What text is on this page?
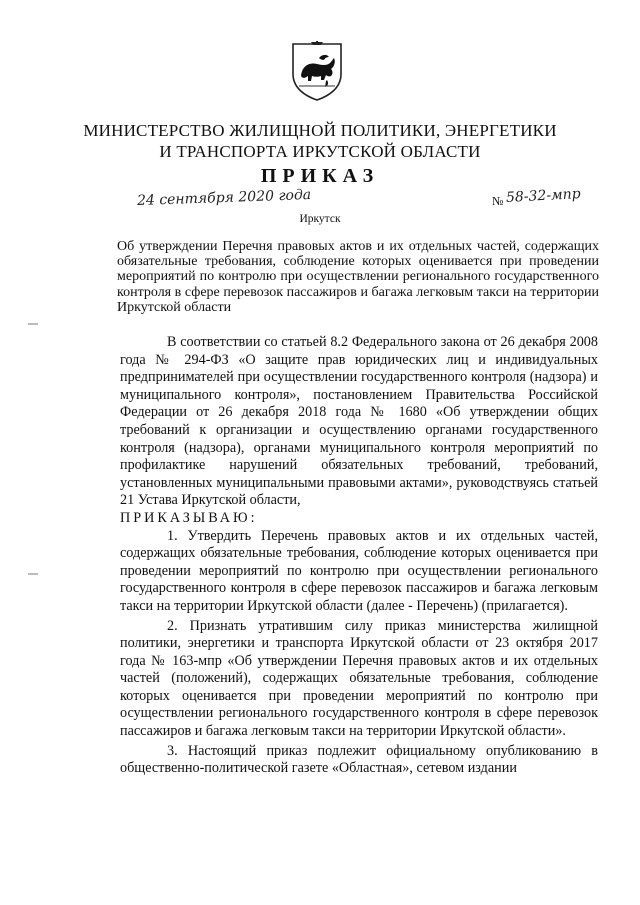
МИНИСТЕРСТВО ЖИЛИЩНОЙ ПОЛИТИКИ, ЭНЕРГЕТИКИ
И ТРАНСПОРТА ИРКУТСКОЙ ОБЛАСТИ
ПРИКАЗ
24 сентября 2020 года	№ 58-32-мпр
Иркутск
Об утверждении Перечня правовых актов и их отдельных частей, содержащих обязательные требования, соблюдение которых оценивается при проведении мероприятий по контролю при осуществлении регионального государственного контроля в сфере перевозок пассажиров и багажа легковым такси на территории Иркутской области

В соответствии со статьей 8.2 Федерального закона от 26 декабря 2008 года № 294-ФЗ «О защите прав юридических лиц и индивидуальных предпринимателей при осуществлении государственного контроля (надзора) и муниципального контроля», постановлением Правительства Российской Федерации от 26 декабря 2018 года № 1680 «Об утверждении общих требований к организации и осуществлению органами государственного контроля (надзора), органами муниципального контроля мероприятий по профилактике нарушений обязательных требований, требований, установленных муниципальными правовыми актами», руководствуясь статьей 21 Устава Иркутской области,

ПРИКАЗЫВАЮ:

1. Утвердить Перечень правовых актов и их отдельных частей, содержащих обязательные требования, соблюдение которых оценивается при проведении мероприятий по контролю при осуществлении регионального государственного контроля в сфере перевозок пассажиров и багажа легковым такси на территории Иркутской области (далее - Перечень) (прилагается).

2. Признать утратившим силу приказ министерства жилищной политики, энергетики и транспорта Иркутской области от 23 октября 2017 года № 163-мпр «Об утверждении Перечня правовых актов и их отдельных частей (положений), содержащих обязательные требования, соблюдение которых оценивается при проведении мероприятий по контролю при осуществлении регионального государственного контроля в сфере перевозок пассажиров и багажа легковым такси на территории Иркутской области».

3. Настоящий приказ подлежит официальному опубликованию в общественно-политической газете «Областная», сетевом издании
